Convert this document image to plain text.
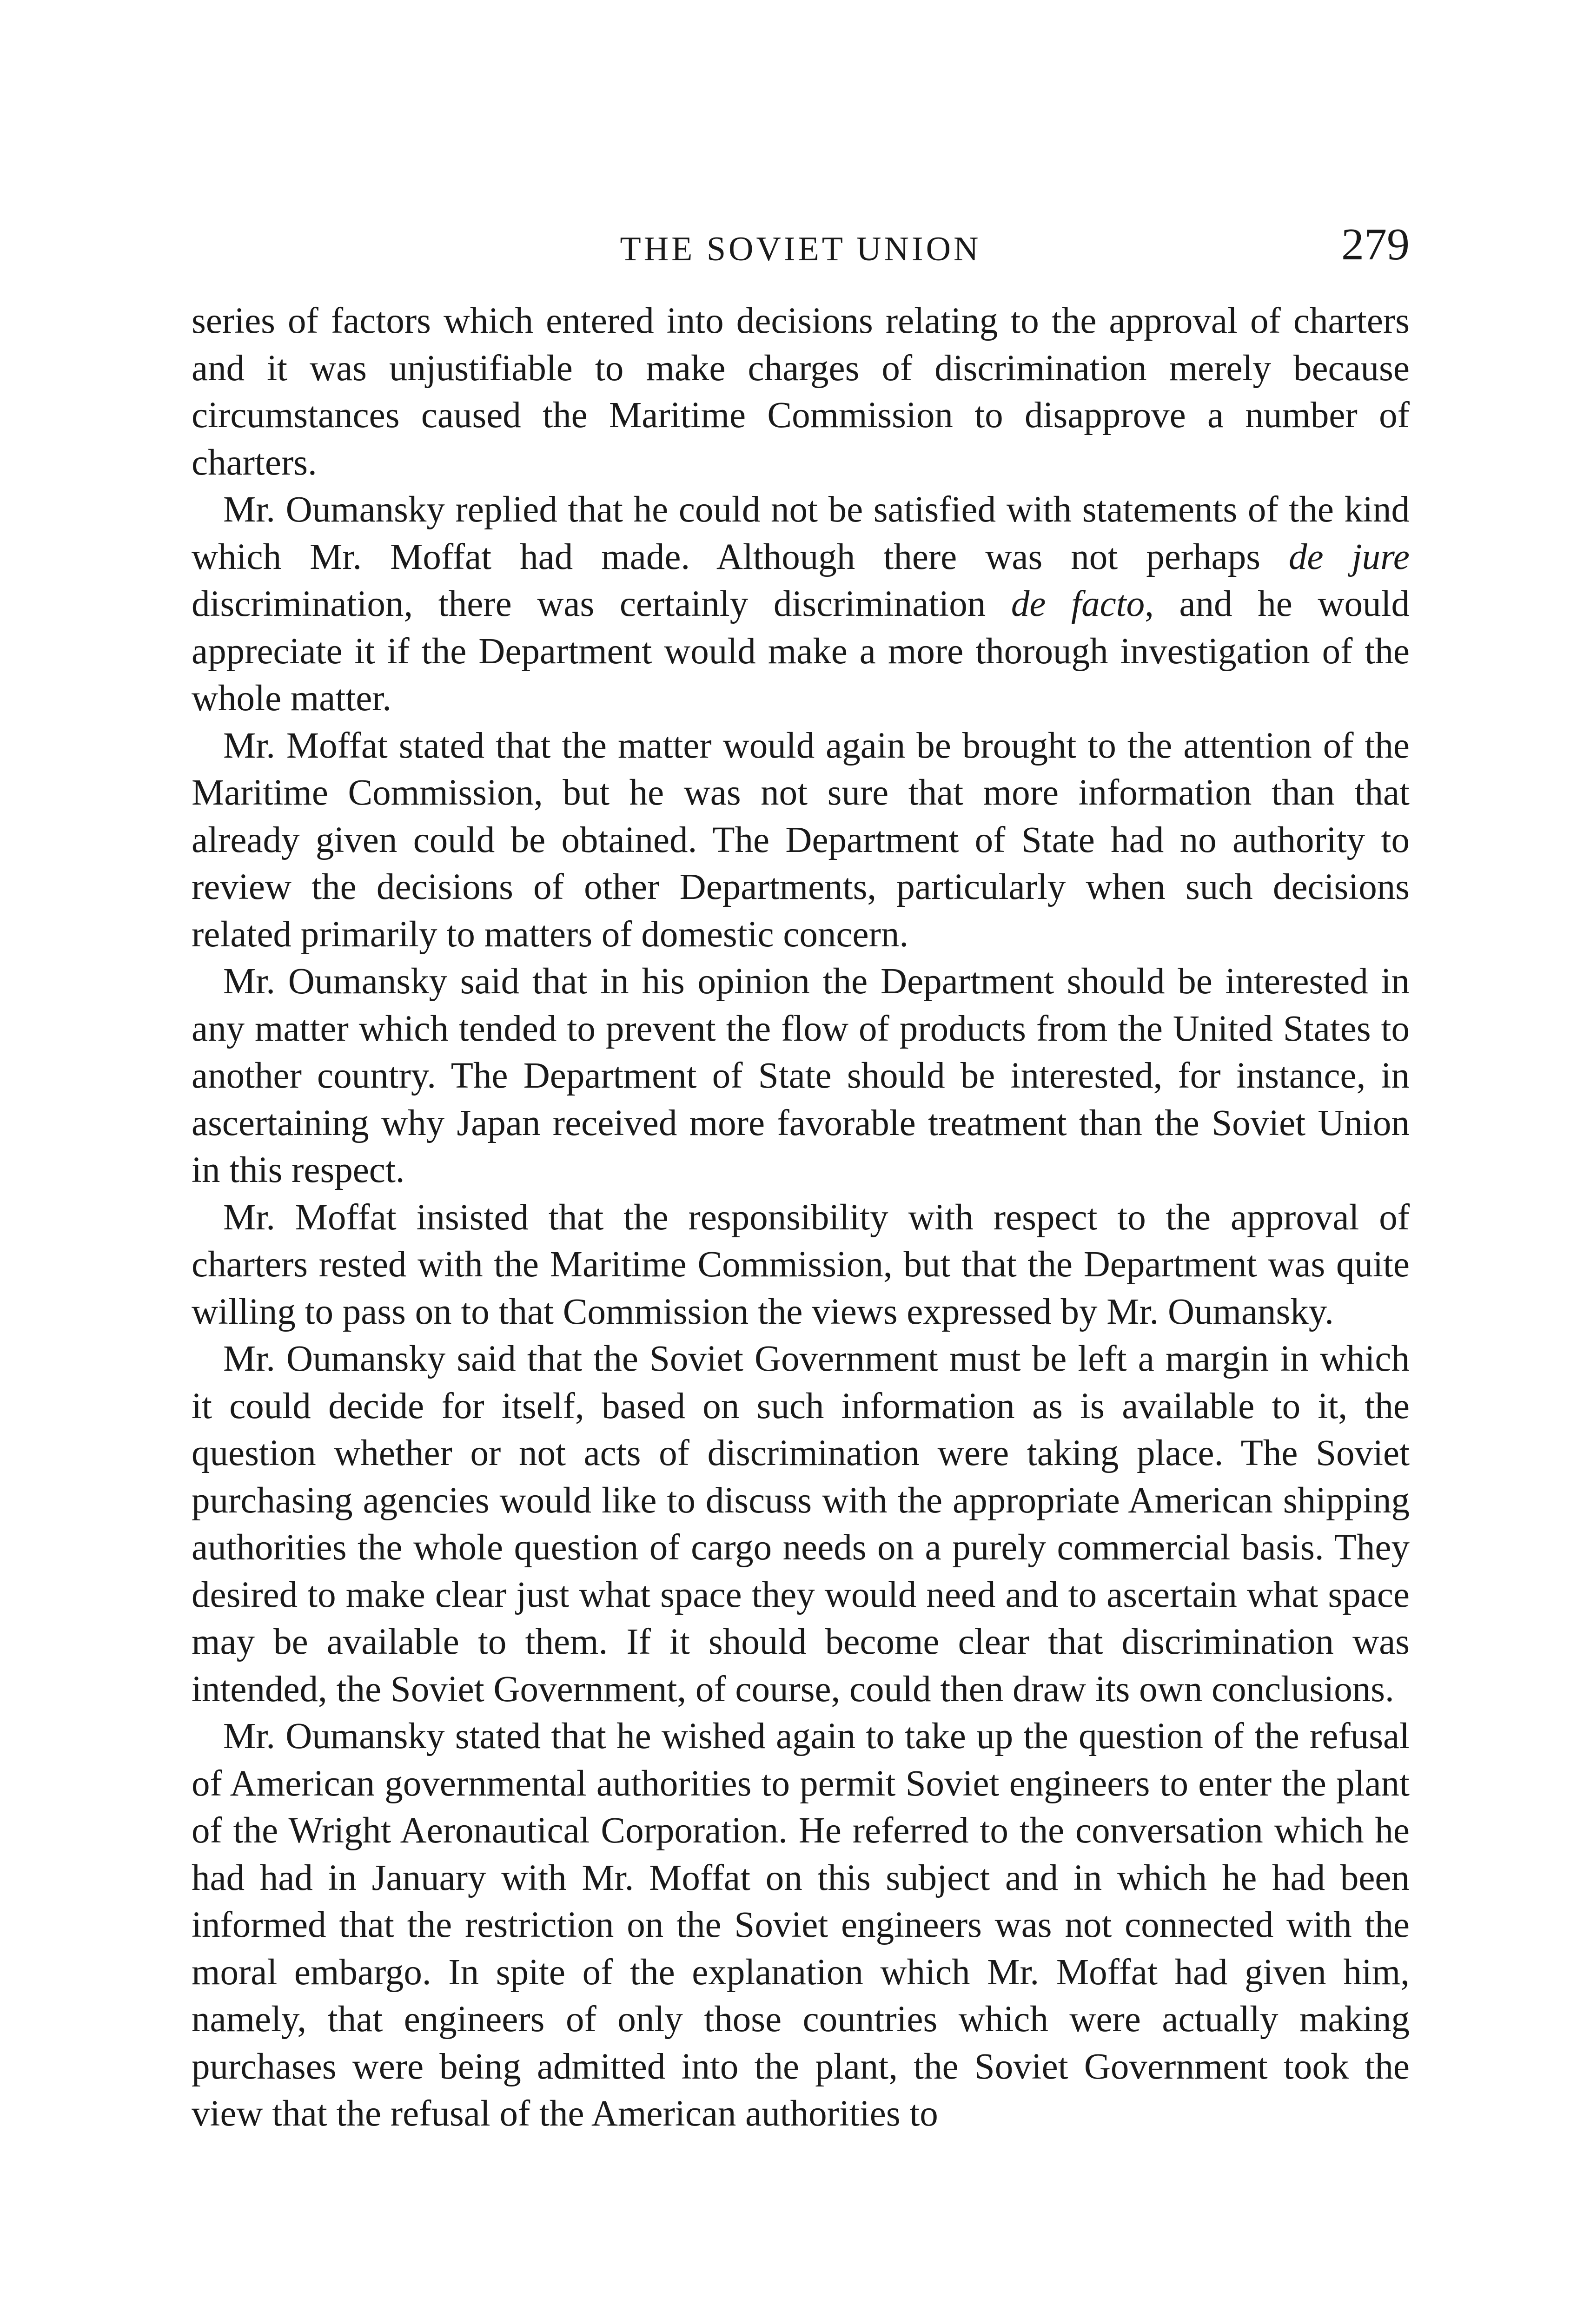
THE SOVIET UNION	279

series of factors which entered into decisions relating to the approval of charters and it was unjustifiable to make charges of discrimination merely because circumstances caused the Maritime Commission to disapprove a number of charters.

Mr. Oumansky replied that he could not be satisfied with statements of the kind which Mr. Moffat had made. Although there was not perhaps de jure discrimination, there was certainly discrimination de facto, and he would appreciate it if the Department would make a more thorough investigation of the whole matter.

Mr. Moffat stated that the matter would again be brought to the attention of the Maritime Commission, but he was not sure that more information than that already given could be obtained. The Department of State had no authority to review the decisions of other Departments, particularly when such decisions related primarily to matters of domestic concern.

Mr. Oumansky said that in his opinion the Department should be interested in any matter which tended to prevent the flow of products from the United States to another country. The Department of State should be interested, for instance, in ascertaining why Japan received more favorable treatment than the Soviet Union in this respect.

Mr. Moffat insisted that the responsibility with respect to the approval of charters rested with the Maritime Commission, but that the Department was quite willing to pass on to that Commission the views expressed by Mr. Oumansky.

Mr. Oumansky said that the Soviet Government must be left a margin in which it could decide for itself, based on such information as is available to it, the question whether or not acts of discrimination were taking place. The Soviet purchasing agencies would like to discuss with the appropriate American shipping authorities the whole question of cargo needs on a purely commercial basis. They desired to make clear just what space they would need and to ascertain what space may be available to them. If it should become clear that discrimination was intended, the Soviet Government, of course, could then draw its own conclusions.

Mr. Oumansky stated that he wished again to take up the question of the refusal of American governmental authorities to permit Soviet engineers to enter the plant of the Wright Aeronautical Corporation. He referred to the conversation which he had had in January with Mr. Moffat on this subject and in which he had been informed that the restriction on the Soviet engineers was not connected with the moral embargo. In spite of the explanation which Mr. Moffat had given him, namely, that engineers of only those countries which were actually making purchases were being admitted into the plant, the Soviet Government took the view that the refusal of the American authorities to
